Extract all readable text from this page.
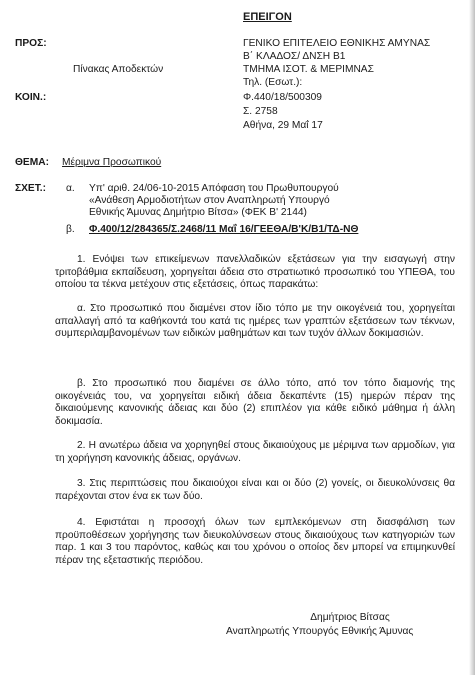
ΕΠΕΙΓΟΝ
ΠΡΟΣ:	ΓΕΝΙΚΟ ΕΠΙΤΕΛΕΙΟ ΕΘΝΙΚΗΣ ΑΜΥΝΑΣ
Β΄ ΚΛΑΔΟΣ/ ΔΝΣΗ Β1
ΤΜΗΜΑ ΙΣΟΤ. & ΜΕΡΙΜΝΑΣ
Τηλ. (Εσωτ.):
Πίνακας Αποδεκτών
ΚΟΙΝ.:	Φ.440/18/500309
Σ. 2758
Αθήνα, 29 Μαΐ 17
ΘΕΜΑ: Μέριμνα Προσωπικού
ΣΧΕΤ.: α. Υπ' αριθ. 24/06-10-2015 Απόφαση του Πρωθυπουργού
«Ανάθεση Αρμοδιοτήτων στον Αναπληρωτή Υπουργό
Εθνικής Άμυνας Δημήτριο Βίτσα» (ΦΕΚ Β' 2144)
β. Φ.400/12/284365/Σ.2468/11 Μαΐ 16/ΓΕΕΘΑ/Β'Κ/Β1/ΤΔ-ΝΘ
1. Ενόψει των επικείμενων πανελλαδικών εξετάσεων για την εισαγωγή στην τριτοβάθμια εκπαίδευση, χορηγείται άδεια στο στρατιωτικό προσωπικό του ΥΠΕΘΑ, του οποίου τα τέκνα μετέχουν στις εξετάσεις, όπως παρακάτω:
α. Στο προσωπικό που διαμένει στον ίδιο τόπο με την οικογένειά του, χορηγείται απαλλαγή από τα καθήκοντά του κατά τις ημέρες των γραπτών εξετάσεων των τέκνων, συμπεριλαμβανομένων των ειδικών μαθημάτων και των τυχόν άλλων δοκιμασιών.
β. Στο προσωπικό που διαμένει σε άλλο τόπο, από τον τόπο διαμονής της οικογένειάς του, να χορηγείται ειδική άδεια δεκαπέντε (15) ημερών πέραν της δικαιούμενης κανονικής άδειας και δύο (2) επιπλέον για κάθε ειδικό μάθημα ή άλλη δοκιμασία.
2. Η ανωτέρω άδεια να χορηγηθεί στους δικαιούχους με μέριμνα των αρμοδίων, για τη χορήγηση κανονικής άδειας, οργάνων.
3. Στις περιπτώσεις που δικαιούχοι είναι και οι δύο (2) γονείς, οι διευκολύνσεις θα παρέχονται στον ένα εκ των δύο.
4. Εφιστάται η προσοχή όλων των εμπλεκόμενων στη διασφάλιση των προϋποθέσεων χορήγησης των διευκολύνσεων στους δικαιούχους των κατηγοριών των παρ. 1 και 3 του παρόντος, καθώς και του χρόνου ο οποίος δεν μπορεί να επιμηκυνθεί πέραν της εξεταστικής περιόδου.
Δημήτριος Βίτσας
Αναπληρωτής Υπουργός Εθνικής Άμυνας
